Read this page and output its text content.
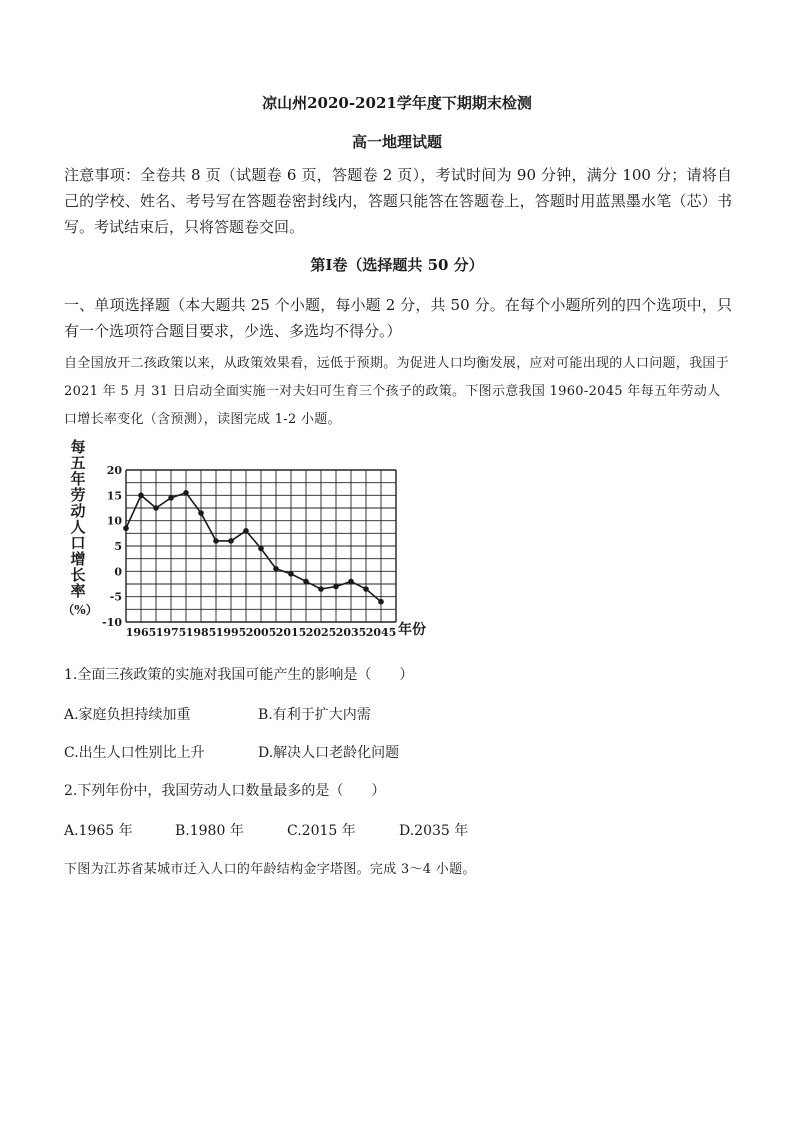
凉山州2020-2021学年度下期期末检测
高一地理试题
注意事项：全卷共 8 页（试题卷 6 页，答题卷 2 页），考试时间为 90 分钟，满分 100 分；请将自己的学校、姓名、考号写在答题卷密封线内，答题只能答在答题卷上，答题时用蓝黑墨水笔（芯）书写。考试结束后，只将答题卷交回。
第Ⅰ卷（选择题共 50 分）
一、单项选择题（本大题共 25 个小题，每小题 2 分，共 50 分。在每个小题所列的四个选项中，只有一个选项符合题目要求，少选、多选均不得分。）
自全国放开二孩政策以来，从政策效果看，远低于预期。为促进人口均衡发展，应对可能出现的人口问题，我国于 2021 年 5 月 31 日启动全面实施一对夫妇可生育三个孩子的政策。下图示意我国 1960-2045 年每五年劳动人口增长率变化（含预测），读图完成 1-2 小题。
每
五
年
劳
动
人
口
增
长
率
（%）
20
15
10
5
0
-5
-10
1965 1975 1985 1995 2005 2015 2025 2035 2045 年份
1.全面三孩政策的实施对我国可能产生的影响是（　　）
A.家庭负担持续加重	B.有利于扩大内需
C.出生人口性别比上升	D.解决人口老龄化问题
2.下列年份中，我国劳动人口数量最多的是（　　）
A.1965 年	B.1980 年	C.2015 年	D.2035 年
下图为江苏省某城市迁入人口的年龄结构金字塔图。完成 3～4 小题。
